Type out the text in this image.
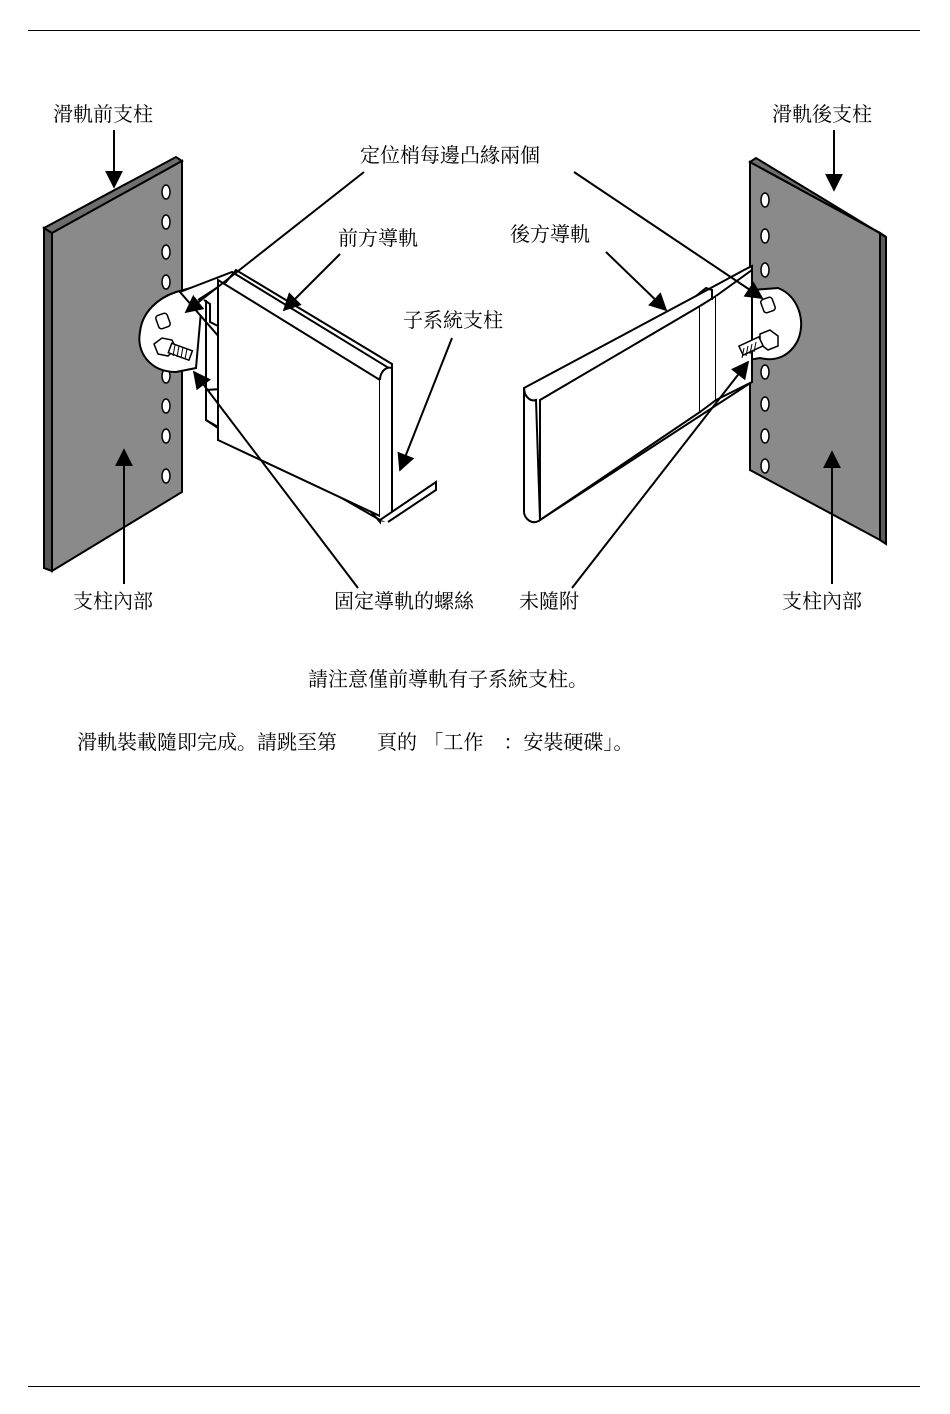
滑軌前支柱	滑軌後支柱
定位梢每邊凸緣兩個
前方導軌	後方導軌
子系統支柱
支柱內部	固定導軌的螺絲 未隨附	支柱內部
請注意僅前導軌有子系統支柱。
滑軌裝載隨即完成。請跳至第　　頁的 「工作　：安裝硬碟」。
